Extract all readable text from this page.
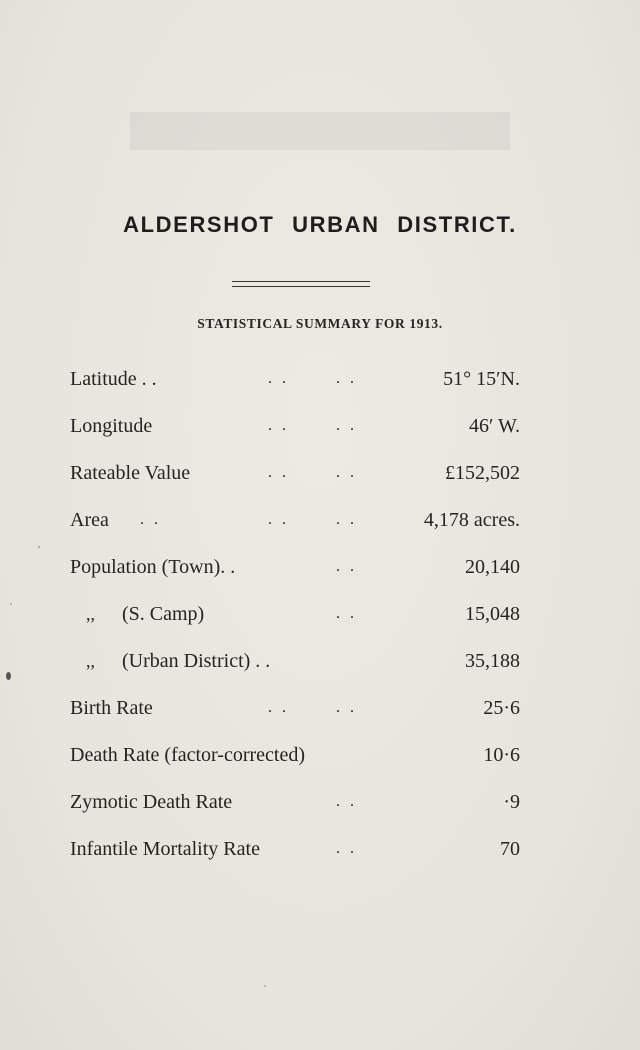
ALDERSHOT URBAN DISTRICT.
STATISTICAL SUMMARY FOR 1913.
Latitude . .	. .	. .	51° 15′N.
Longitude	. .	. .	46′ W.
Rateable Value	. .	. .	£152,502
Area . .	. .	. .	4,178 acres.
Population (Town). .	. .	20,140
,, (S. Camp)	. .	15,048
,, (Urban District) . .	35,188
Birth Rate	. .	. .	25·6
Death Rate (factor-corrected)	10·6
Zymotic Death Rate	. .	·9
Infantile Mortality Rate	. .	70
